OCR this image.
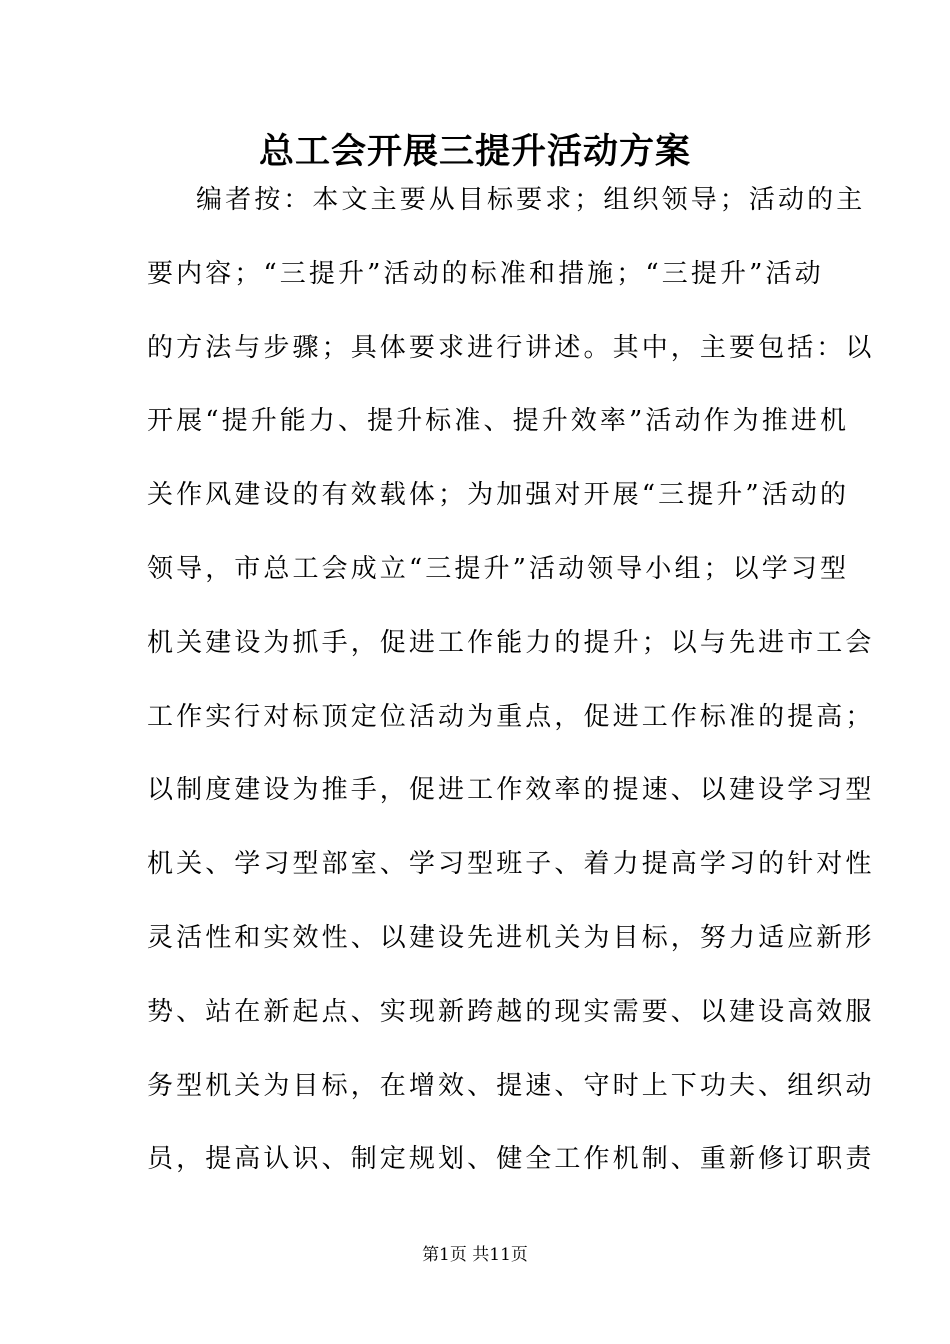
总工会开展三提升活动方案
编者按：本文主要从目标要求；组织领导；活动的主
要内容；“三提升”活动的标准和措施；“三提升”活动
的方法与步骤；具体要求进行讲述。其中，主要包括：以
开展“提升能力、提升标准、提升效率”活动作为推进机
关作风建设的有效载体；为加强对开展“三提升”活动的
领导，市总工会成立“三提升”活动领导小组；以学习型
机关建设为抓手，促进工作能力的提升；以与先进市工会
工作实行对标顶定位活动为重点，促进工作标准的提高；
以制度建设为推手，促进工作效率的提速、以建设学习型
机关、学习型部室、学习型班子、着力提高学习的针对性
灵活性和实效性、以建设先进机关为目标，努力适应新形
势、站在新起点、实现新跨越的现实需要、以建设高效服
务型机关为目标，在增效、提速、守时上下功夫、组织动
员，提高认识、制定规划、健全工作机制、重新修订职责
第1页 共11页
